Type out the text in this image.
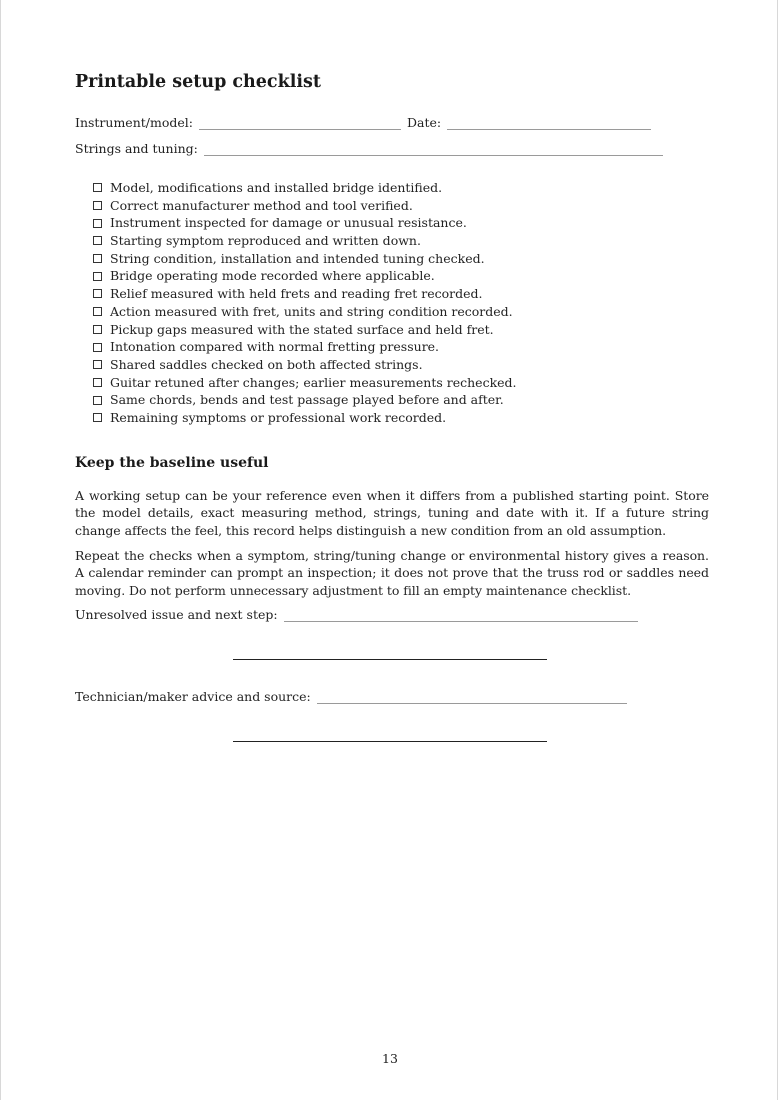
Printable setup checklist
Instrument/model:	Date:
Strings and tuning:
Model, modifications and installed bridge identified.
Correct manufacturer method and tool verified.
Instrument inspected for damage or unusual resistance.
Starting symptom reproduced and written down.
String condition, installation and intended tuning checked.
Bridge operating mode recorded where applicable.
Relief measured with held frets and reading fret recorded.
Action measured with fret, units and string condition recorded.
Pickup gaps measured with the stated surface and held fret.
Intonation compared with normal fretting pressure.
Shared saddles checked on both affected strings.
Guitar retuned after changes; earlier measurements rechecked.
Same chords, bends and test passage played before and after.
Remaining symptoms or professional work recorded.
Keep the baseline useful

A working setup can be your reference even when it differs from a published starting point. Store the model details, exact measuring method, strings, tuning and date with it. If a future string change affects the feel, this record helps distinguish a new condition from an old assumption.

Repeat the checks when a symptom, string/tuning change or environmental history gives a reason. A calendar reminder can prompt an inspection; it does not prove that the truss rod or saddles need moving. Do not perform unnecessary adjustment to fill an empty maintenance checklist.

Unresolved issue and next step:
Technician/maker advice and source:
13
